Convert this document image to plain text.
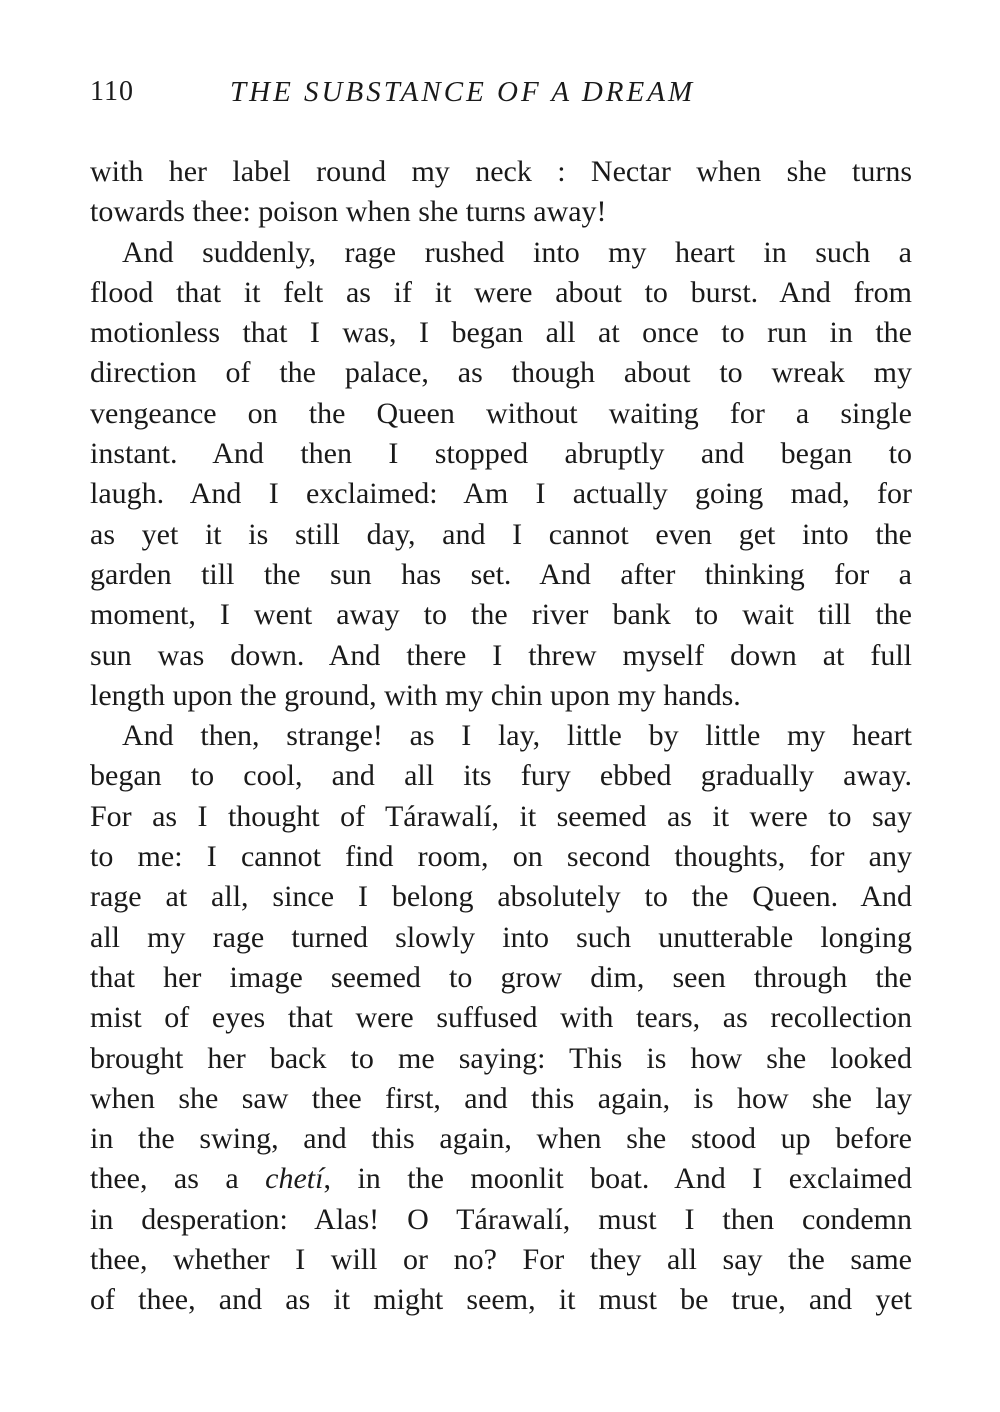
110	THE SUBSTANCE OF A DREAM
with her label round my neck : Nectar when she turns
towards thee: poison when she turns away!
And suddenly, rage rushed into my heart in such a
flood that it felt as if it were about to burst. And from
motionless that I was, I began all at once to run in the
direction of the palace, as though about to wreak my
vengeance on the Queen without waiting for a single
instant. And then I stopped abruptly and began to
laugh. And I exclaimed: Am I actually going mad, for
as yet it is still day, and I cannot even get into the
garden till the sun has set. And after thinking for a
moment, I went away to the river bank to wait till the
sun was down. And there I threw myself down at full
length upon the ground, with my chin upon my hands.
And then, strange! as I lay, little by little my heart
began to cool, and all its fury ebbed gradually away.
For as I thought of Tárawalí, it seemed as it were to say
to me: I cannot find room, on second thoughts, for any
rage at all, since I belong absolutely to the Queen. And
all my rage turned slowly into such unutterable longing
that her image seemed to grow dim, seen through the
mist of eyes that were suffused with tears, as recollection
brought her back to me saying: This is how she looked
when she saw thee first, and this again, is how she lay
in the swing, and this again, when she stood up before
thee, as a chetí, in the moonlit boat. And I exclaimed
in desperation: Alas! O Tárawalí, must I then condemn
thee, whether I will or no? For they all say the same
of thee, and as it might seem, it must be true, and yet
